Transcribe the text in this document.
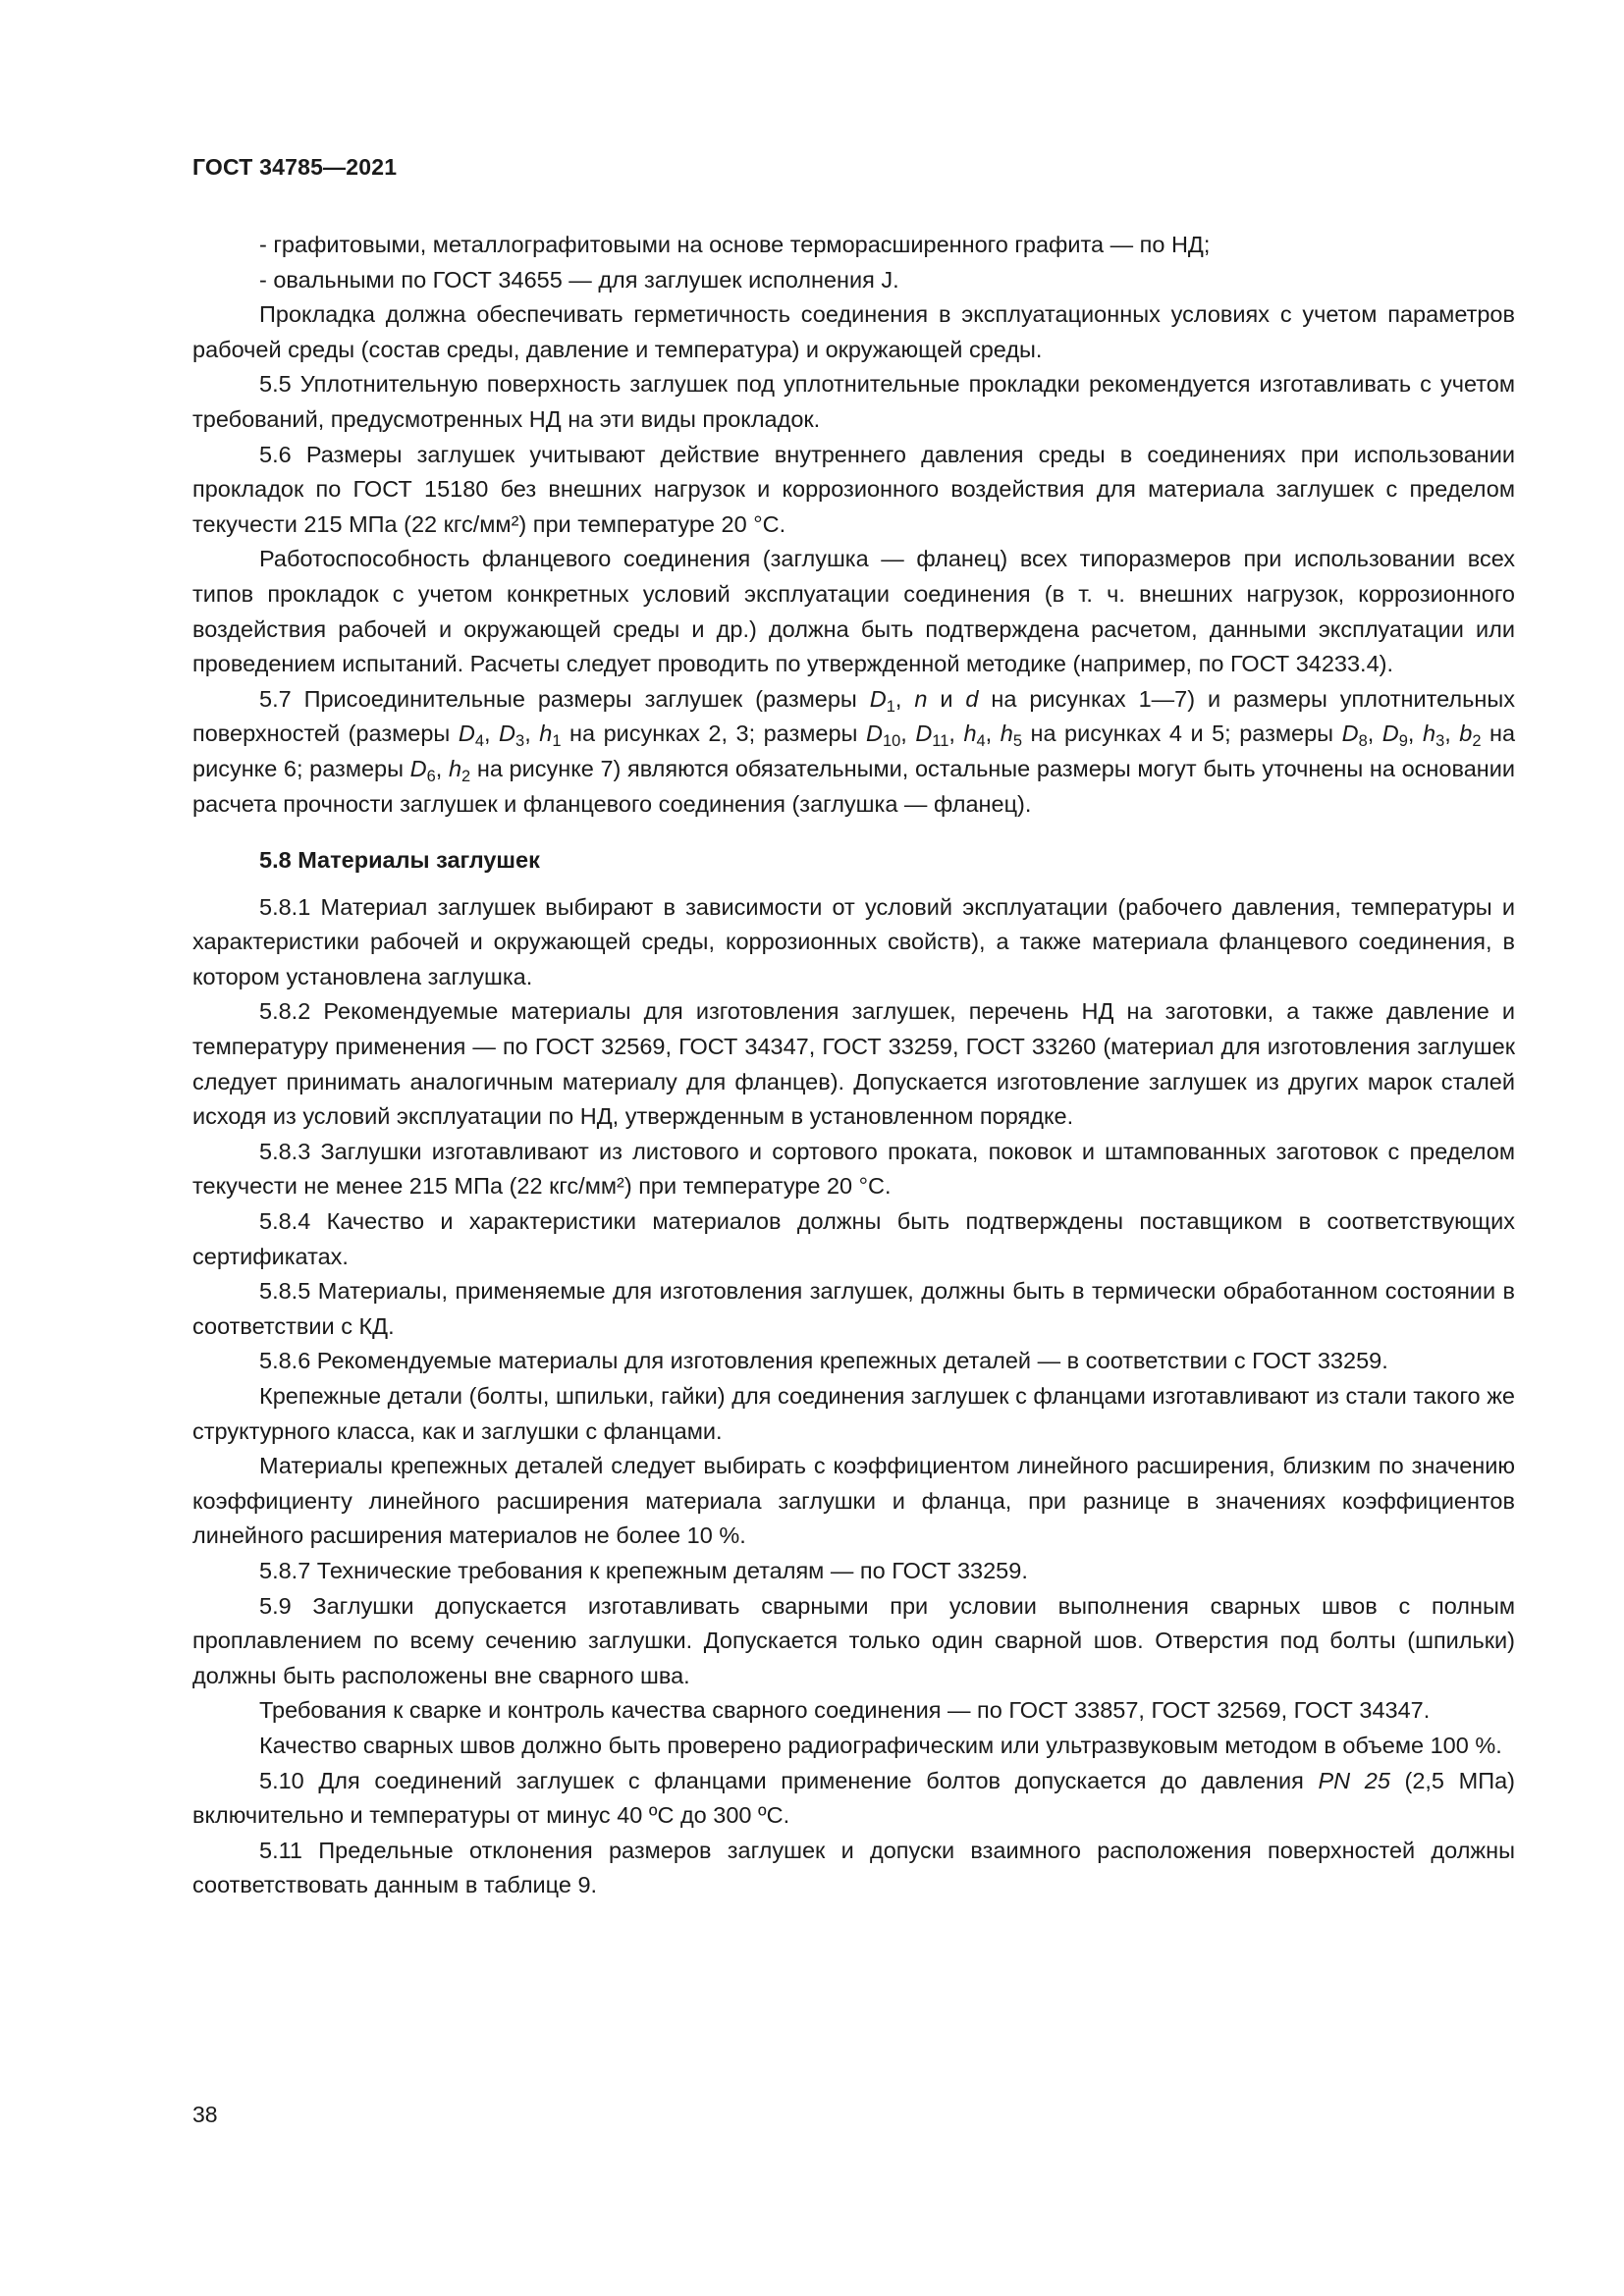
ГОСТ 34785—2021

- графитовыми, металлографитовыми на основе терморасширенного графита — по НД;

- овальными по ГОСТ 34655 — для заглушек исполнения J.

Прокладка должна обеспечивать герметичность соединения в эксплуатационных условиях с учетом параметров рабочей среды (состав среды, давление и температура) и окружающей среды.

5.5 Уплотнительную поверхность заглушек под уплотнительные прокладки рекомендуется изготавливать с учетом требований, предусмотренных НД на эти виды прокладок.

5.6 Размеры заглушек учитывают действие внутреннего давления среды в соединениях при использовании прокладок по ГОСТ 15180 без внешних нагрузок и коррозионного воздействия для материала заглушек с пределом текучести 215 МПа (22 кгс/мм²) при температуре 20 °С.

Работоспособность фланцевого соединения (заглушка — фланец) всех типоразмеров при использовании всех типов прокладок с учетом конкретных условий эксплуатации соединения (в т. ч. внешних нагрузок, коррозионного воздействия рабочей и окружающей среды и др.) должна быть подтверждена расчетом, данными эксплуатации или проведением испытаний. Расчеты следует проводить по утвержденной методике (например, по ГОСТ 34233.4).

5.7 Присоединительные размеры заглушек (размеры $D_1$, n и d на рисунках 1—7) и размеры уплотнительных поверхностей (размеры $D_4$, $D_3$, $h_1$ на рисунках 2, 3; размеры $D_{10}$, $D_{11}$, $h_4$, $h_5$ на рисунках 4 и 5; размеры $D_8$, $D_9$, $h_3$, $b_2$ на рисунке 6; размеры $D_6$, $h_2$ на рисунке 7) являются обязательными, остальные размеры могут быть уточнены на основании расчета прочности заглушек и фланцевого соединения (заглушка — фланец).

5.8 Материалы заглушек

5.8.1 Материал заглушек выбирают в зависимости от условий эксплуатации (рабочего давления, температуры и характеристики рабочей и окружающей среды, коррозионных свойств), а также материала фланцевого соединения, в котором установлена заглушка.

5.8.2 Рекомендуемые материалы для изготовления заглушек, перечень НД на заготовки, а также давление и температуру применения — по ГОСТ 32569, ГОСТ 34347, ГОСТ 33259, ГОСТ 33260 (материал для изготовления заглушек следует принимать аналогичным материалу для фланцев). Допускается изготовление заглушек из других марок сталей исходя из условий эксплуатации по НД, утвержденным в установленном порядке.

5.8.3 Заглушки изготавливают из листового и сортового проката, поковок и штампованных заготовок с пределом текучести не менее 215 МПа (22 кгс/мм²) при температуре 20 °С.

5.8.4 Качество и характеристики материалов должны быть подтверждены поставщиком в соответствующих сертификатах.

5.8.5 Материалы, применяемые для изготовления заглушек, должны быть в термически обработанном состоянии в соответствии с КД.

5.8.6 Рекомендуемые материалы для изготовления крепежных деталей — в соответствии с ГОСТ 33259.

Крепежные детали (болты, шпильки, гайки) для соединения заглушек с фланцами изготавливают из стали такого же структурного класса, как и заглушки с фланцами.

Материалы крепежных деталей следует выбирать с коэффициентом линейного расширения, близким по значению коэффициенту линейного расширения материала заглушки и фланца, при разнице в значениях коэффициентов линейного расширения материалов не более 10 %.

5.8.7 Технические требования к крепежным деталям — по ГОСТ 33259.

5.9 Заглушки допускается изготавливать сварными при условии выполнения сварных швов с полным проплавлением по всему сечению заглушки. Допускается только один сварной шов. Отверстия под болты (шпильки) должны быть расположены вне сварного шва.

Требования к сварке и контроль качества сварного соединения — по ГОСТ 33857, ГОСТ 32569, ГОСТ 34347.

Качество сварных швов должно быть проверено радиографическим или ультразвуковым методом в объеме 100 %.

5.10 Для соединений заглушек с фланцами применение болтов допускается до давления PN 25 (2,5 МПа) включительно и температуры от минус 40 ºС до 300 ºС.

5.11 Предельные отклонения размеров заглушек и допуски взаимного расположения поверхностей должны соответствовать данным в таблице 9.

38
